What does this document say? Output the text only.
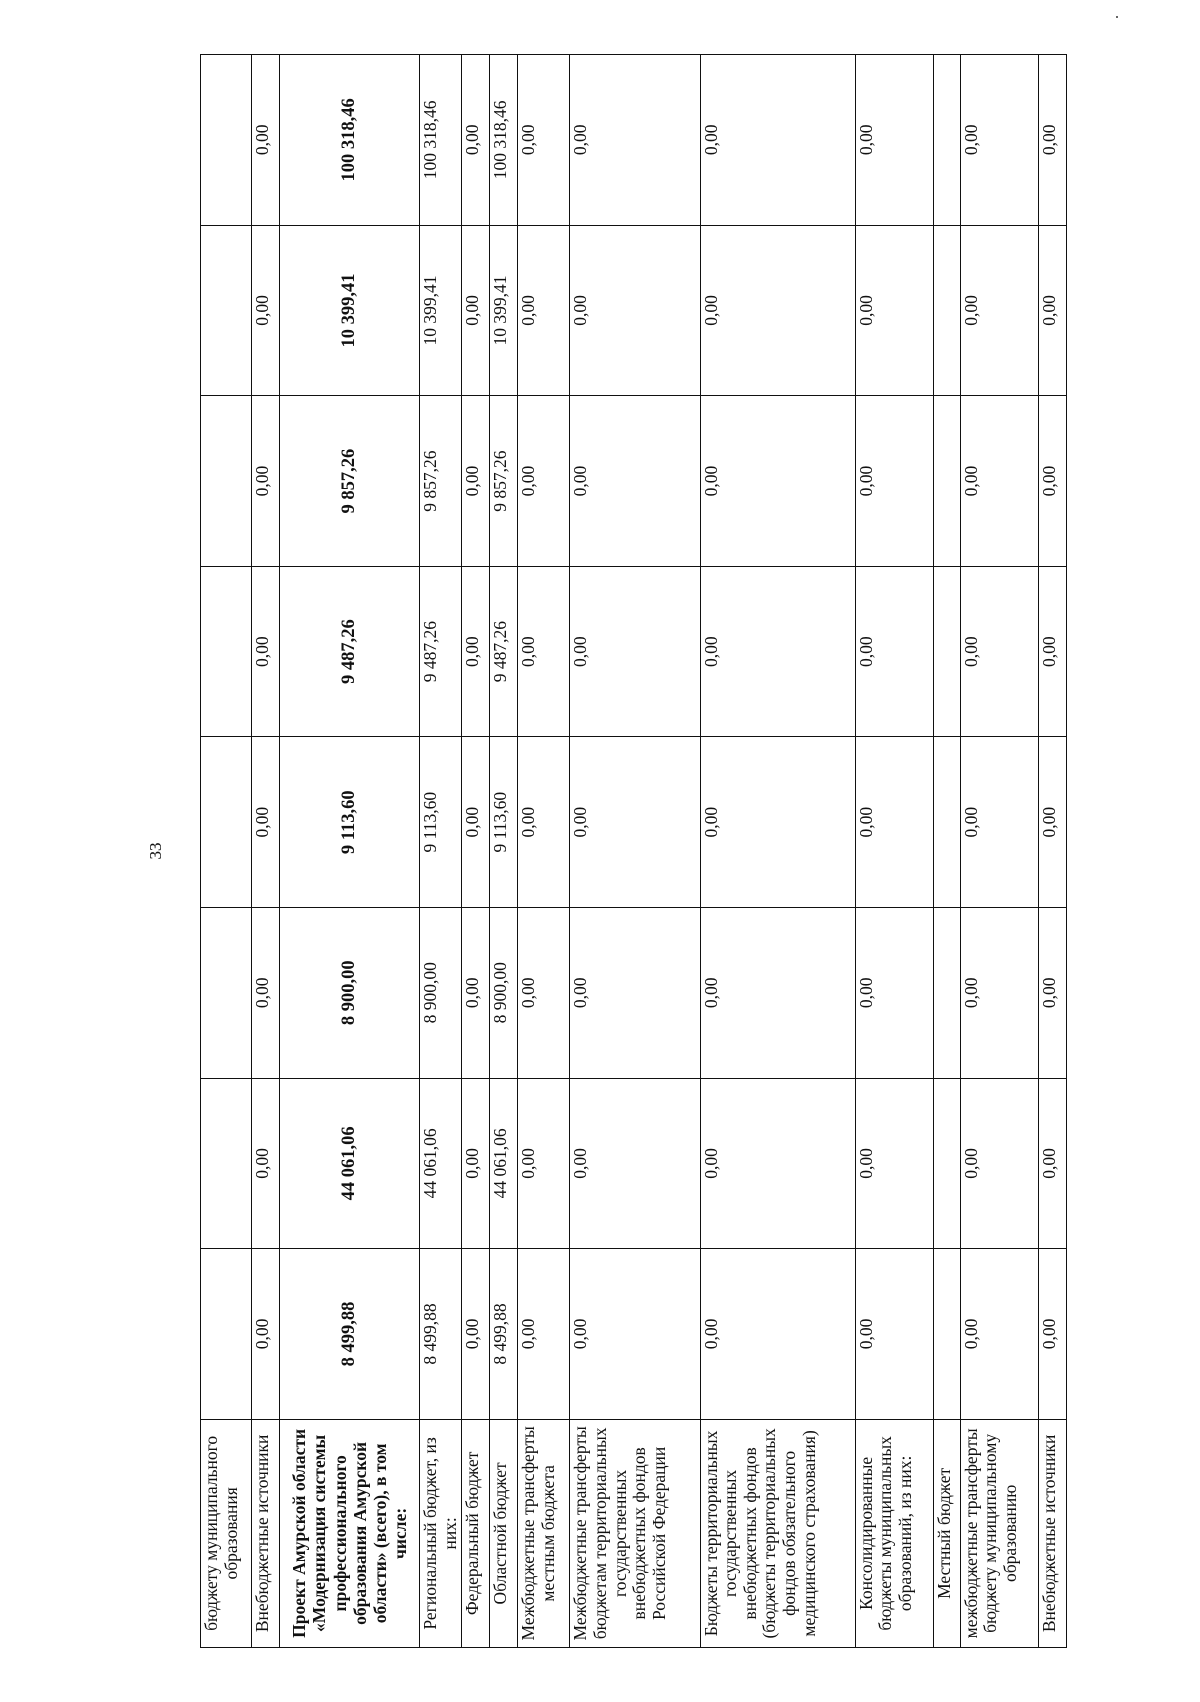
33
бюджету муниципального образования								
Внебюджетные источники	0,00	0,00	0,00	0,00	0,00	0,00	0,00	0,00
Проект Амурской области «Модернизация системы профессионального образования Амурской области» (всего), в том числе:	8 499,88	44 061,06	8 900,00	9 113,60	9 487,26	9 857,26	10 399,41	100 318,46
Региональный бюджет, из них:	8 499,88	44 061,06	8 900,00	9 113,60	9 487,26	9 857,26	10 399,41	100 318,46
Федеральный бюджет	0,00	0,00	0,00	0,00	0,00	0,00	0,00	0,00
Областной бюджет	8 499,88	44 061,06	8 900,00	9 113,60	9 487,26	9 857,26	10 399,41	100 318,46
Межбюджетные трансферты местным бюджета	0,00	0,00	0,00	0,00	0,00	0,00	0,00	0,00
Межбюджетные трансферты бюджетам территориальных государственных внебюджетных фондов Российской Федерации	0,00	0,00	0,00	0,00	0,00	0,00	0,00	0,00
Бюджеты территориальных государственных внебюджетных фондов (бюджеты территориальных фондов обязательного медицинского страхования)	0,00	0,00	0,00	0,00	0,00	0,00	0,00	0,00
Консолидированные бюджеты муниципальных образований, из них:	0,00	0,00	0,00	0,00	0,00	0,00	0,00	0,00
Местный бюджет								
межбюджетные трансферты бюджету муниципальному образованию	0,00	0,00	0,00	0,00	0,00	0,00	0,00	0,00
Внебюджетные источники	0,00	0,00	0,00	0,00	0,00	0,00	0,00	0,00
